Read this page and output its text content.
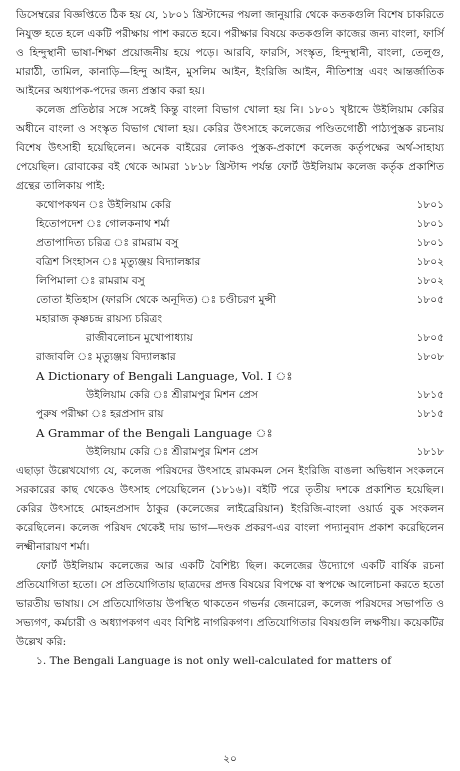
ডিসেম্বরের বিজ্ঞপ্তিতে ঠিক হয় যে, ১৮০১ খ্রিস্টাব্দের পয়লা জানুয়ারি থেকে কতকগুলি বিশেষ চাকরিতে নিযুক্ত হতে হলে একটি পরীক্ষায় পাশ করতে হবে। পরীক্ষার বিষয়ে কতকগুলি কাজের জন্য বাংলা, ফার্সি ও হিন্দুস্থানী ভাষা-শিক্ষা প্রয়োজনীয় হয়ে পড়ে। আরবি, ফারসি, সংস্কৃত, হিন্দুস্থানী, বাংলা, তেলুগু, মারাঠী, তামিল, কানাড়ি—হিন্দু আইন, মুসলিম আইন, ইংরিজি আইন, নীতিশাস্ত্র এবং আন্তর্জাতিক আইনের অধ্যাপক-পদের জন্য প্রস্তাব করা হয়।

কলেজ প্রতিষ্ঠার সঙ্গে সঙ্গেই কিন্তু বাংলা বিভাগ খোলা হয় নি। ১৮০১ খৃষ্টাব্দে উইলিয়াম কেরির অধীনে বাংলা ও সংস্কৃত বিভাগ খোলা হয়। কেরির উৎসাহে কলেজের পণ্ডিতগোষ্ঠী পাঠ্যপুস্তক রচনায় বিশেষ উৎসাহী হয়েছিলেন। অনেক বাইরের লোকও পুস্তক-প্রকাশে কলেজ কর্তৃপক্ষের অর্থ-সাহায্য পেয়েছিল। রোবাকের বই থেকে আমরা ১৮১৮ খ্রিস্টাব্দ পর্যন্ত ফোর্ট উইলিয়াম কলেজ কর্তৃক প্রকাশিত গ্রন্থের তালিকায় পাই:

কথোপকথন ঃ উইলিয়াম কেরি	১৮০১
হিতোপদেশ ঃ গোলকনাথ শর্মা	১৮০১
প্রতাপাদিত্য চরিত্র ঃ রামরাম বসু	১৮০১
বত্রিশ সিংহাসন ঃ মৃত্যুঞ্জয় বিদ্যালঙ্কার	১৮০২
লিপিমালা ঃ রামরাম বসু	১৮০২
তোতা ইতিহাস (ফারসি থেকে অনূদিত) ঃ চণ্ডীচরণ মুন্সী	১৮০৫
মহারাজ কৃষ্ণচন্দ্র রায়স্য চরিত্রং
রাজীবলোচন মুখোপাধ্যায়	১৮০৫
রাজাবলি ঃ মৃত্যুঞ্জয় বিদ্যালঙ্কার	১৮০৮
A Dictionary of Bengali Language, Vol. I ঃ
উইলিয়াম কেরি ঃ শ্রীরামপুর মিশন প্রেস	১৮১৫
পুরুষ পরীক্ষা ঃ হরপ্রসাদ রায়	১৮১৫
A Grammar of the Bengali Language ঃ
উইলিয়াম কেরি ঃ শ্রীরামপুর মিশন প্রেস	১৮১৮

এছাড়া উল্লেখযোগ্য যে, কলেজ পরিষদের উৎসাহে রামকমল সেন ইংরিজি বাঙলা অভিধান সংকলনে সরকারের কাছ থেকেও উৎসাহ পেয়েছিলেন (১৮১৬)। বইটি পরে তৃতীয় দশকে প্রকাশিত হয়েছিল। কেরির উৎসাহে মোহনপ্রসাদ ঠাকুর (কলেজের লাইব্রেরিয়ান) ইংরিজি-বাংলা ওয়ার্ড বুক সংকলন করেছিলেন। কলেজ পরিষদ থেকেই দায় ভাগ—দণ্ডক প্রকরণ-এর বাংলা পদ্যানুবাদ প্রকাশ করেছিলেন লক্ষ্মীনারায়ণ শর্মা।

ফোর্ট উইলিয়াম কলেজের আর একটি বৈশিষ্ট্য ছিল। কলেজের উদ্যোগে একটি বার্ষিক রচনা প্রতিযোগিতা হতো। সে প্রতিযোগিতায় ছাত্রদের প্রদত্ত বিষয়ের বিপক্ষে বা স্বপক্ষে আলোচনা করতে হতো ভারতীয় ভাষায়। সে প্রতিযোগিতায় উপস্থিত থাকতেন গভর্নর জেনারেল, কলেজ পরিষদের সভাপতি ও সভ্যগণ, কর্মচারী ও অধ্যাপকগণ এবং বিশিষ্ট নাগরিকগণ। প্রতিযোগিতার বিষয়গুলি লক্ষণীয়। কয়েকটির উল্লেখ করি:

১. The Bengali Language is not only well-calculated for matters of

২০
